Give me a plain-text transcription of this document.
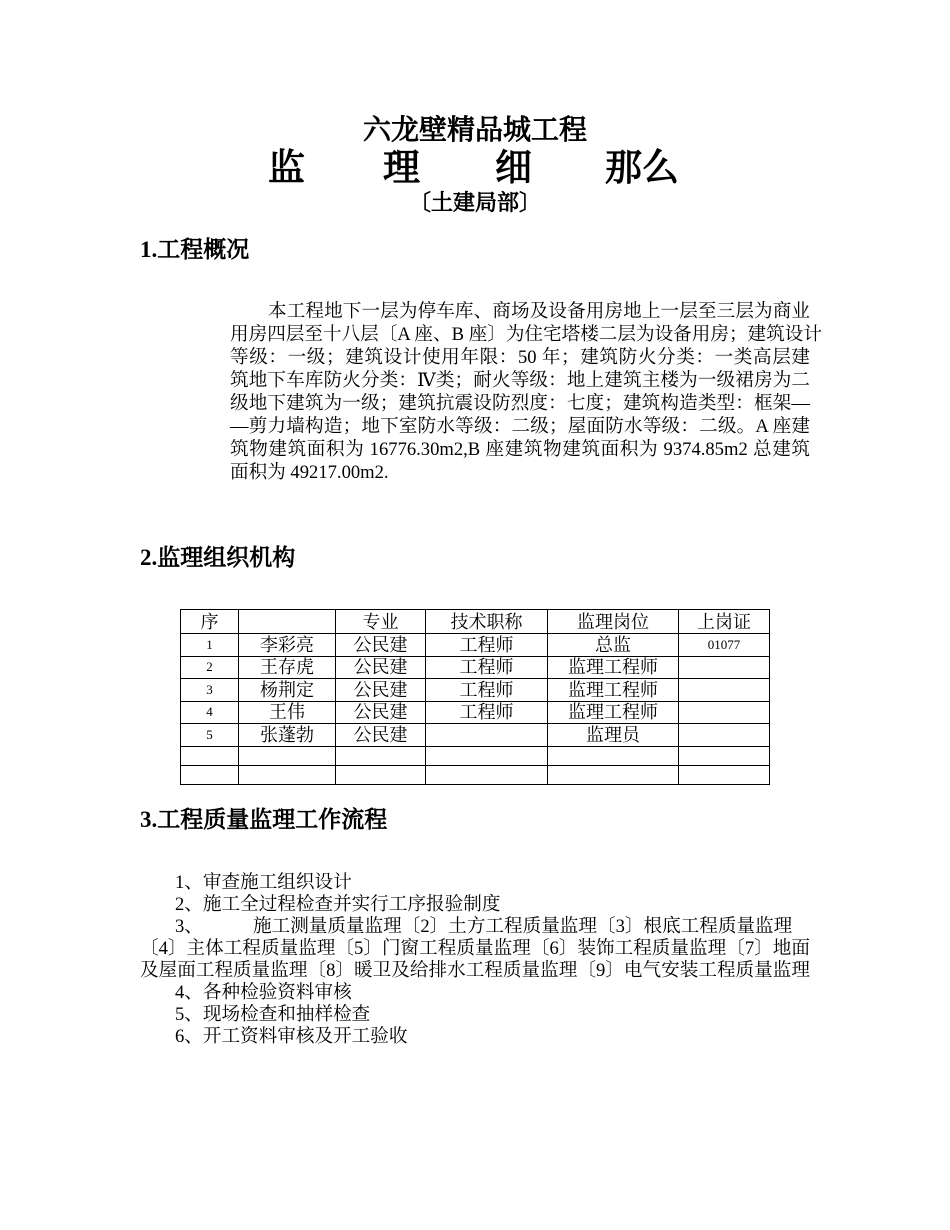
六龙壁精品城工程
监 理 细 那么
〔土建局部〕
1.工程概况
本工程地下一层为停车库、商场及设备用房地上一层至三层为商业
用房四层至十八层〔A 座、B 座〕为住宅塔楼二层为设备用房；建筑设计
等级：一级；建筑设计使用年限：50 年；建筑防火分类：一类高层建
筑地下车库防火分类：Ⅳ类；耐火等级：地上建筑主楼为一级裙房为二
级地下建筑为一级；建筑抗震设防烈度：七度；建筑构造类型：框架—
—剪力墙构造；地下室防水等级：二级；屋面防水等级：二级。A 座建
筑物建筑面积为 16776.30m2,B 座建筑物建筑面积为 9374.85m2 总建筑
面积为 49217.00m2.
2.监理组织机构
序		专业	技术职称	监理岗位	上岗证
1	李彩亮	公民建	工程师	总监	01077
2	王存虎	公民建	工程师	监理工程师	
3	杨荆定	公民建	工程师	监理工程师	
4	王伟	公民建	工程师	监理工程师	
5	张蓬勃	公民建		监理员	

3.工程质量监理工作流程
1、审查施工组织设计
2、施工全过程检查并实行工序报验制度
3、	施工测量质量监理〔2〕土方工程质量监理〔3〕根底工程质量监理
〔4〕主体工程质量监理〔5〕门窗工程质量监理〔6〕装饰工程质量监理〔7〕地面
及屋面工程质量监理〔8〕暖卫及给排水工程质量监理〔9〕电气安装工程质量监理
4、各种检验资料审核
5、现场检查和抽样检查
6、开工资料审核及开工验收
